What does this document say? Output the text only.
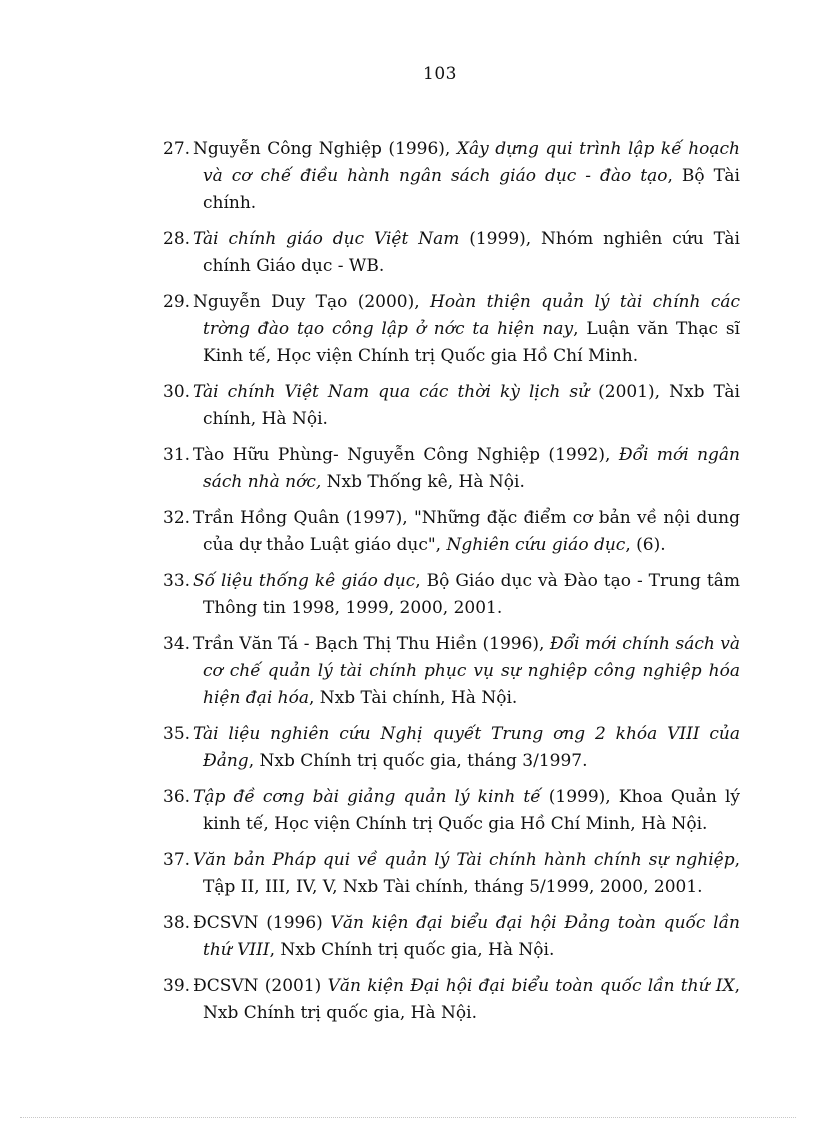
103

27. Nguyễn Công Nghiệp (1996), Xây dựng qui trình lập kế hoạch và cơ chế điều hành ngân sách giáo dục - đào tạo, Bộ Tài chính.

28. Tài chính giáo dục Việt Nam (1999), Nhóm nghiên cứu Tài chính Giáo dục - WB.

29. Nguyễn Duy Tạo (2000), Hoàn thiện quản lý tài chính các trờng đào tạo công lập ở nớc ta hiện nay, Luận văn Thạc sĩ Kinh tế, Học viện Chính trị Quốc gia Hồ Chí Minh.

30. Tài chính Việt Nam qua các thời kỳ lịch sử (2001), Nxb Tài chính, Hà Nội.

31. Tào Hữu Phùng- Nguyễn Công Nghiệp (1992), Đổi mới ngân sách nhà nớc, Nxb Thống kê, Hà Nội.

32. Trần Hồng Quân (1997), "Những đặc điểm cơ bản về nội dung của dự thảo Luật giáo dục", Nghiên cứu giáo dục, (6).

33. Số liệu thống kê giáo dục, Bộ Giáo dục và Đào tạo - Trung tâm Thông tin 1998, 1999, 2000, 2001.

34. Trần Văn Tá - Bạch Thị Thu Hiền (1996), Đổi mới chính sách và cơ chế quản lý tài chính phục vụ sự nghiệp công nghiệp hóa hiện đại hóa, Nxb Tài chính, Hà Nội.

35. Tài liệu nghiên cứu Nghị quyết Trung ơng 2 khóa VIII của Đảng, Nxb Chính trị quốc gia, tháng 3/1997.

36. Tập đề cơng bài giảng quản lý kinh tế (1999), Khoa Quản lý kinh tế, Học viện Chính trị Quốc gia Hồ Chí Minh, Hà Nội.

37. Văn bản Pháp qui về quản lý Tài chính hành chính sự nghiệp, Tập II, III, IV, V, Nxb Tài chính, tháng 5/1999, 2000, 2001.

38. ĐCSVN (1996) Văn kiện đại biểu đại hội Đảng toàn quốc lần thứ VIII, Nxb Chính trị quốc gia, Hà Nội.

39. ĐCSVN (2001) Văn kiện Đại hội đại biểu toàn quốc lần thứ IX, Nxb Chính trị quốc gia, Hà Nội.
